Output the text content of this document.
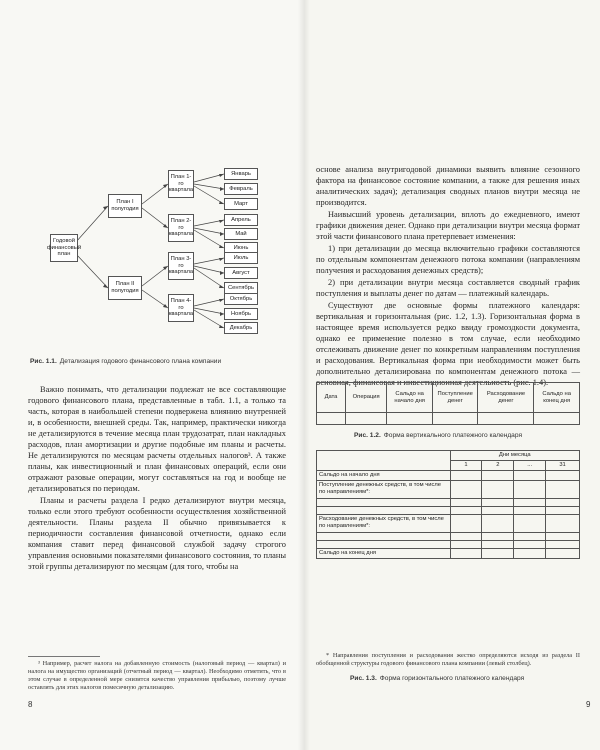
Годовой финансовый план
План I полугодия
План II полугодия
План 1-го квартала
План 2-го квартала
План 3-го квартала
План 4-го квартала
Январь
Февраль
Март
Апрель
Май
Июнь
Июль
Август
Сентябрь
Октябрь
Ноябрь
Декабрь
Рис. 1.1. Детализация годового финансового плана компании

Важно понимать, что детализации подлежат не все составляющие годового финансового плана, представленные в табл. 1.1, а только та часть, которая в наибольшей степени подвержена влиянию внутренней и, в особенности, внешней среды. Так, например, практически никогда не детализируются в течение месяца план трудозатрат, план накладных расходов, план амортизации и другие подобные им планы и расчеты. Не детализируются по месяцам расчеты отдельных налогов³. А также планы, как инвестиционный и план финансовых операций, если они отражают разовые операции, могут составляться на год и вообще не детализироваться по периодам.

Планы и расчеты раздела I редко детализируют внутри месяца, только если этого требуют особенности осуществления хозяйственной деятельности. Планы раздела II обычно привязывается к периодичности составления финансовой отчетности, однако если компания ставит перед финансовой службой задачу строгого управления основными показателями финансового состояния, то планы этой группы детализируют по месяцам (для того, чтобы на

³ Например, расчет налога на добавленную стоимость (налоговый период — квартал) и налога на имущество организаций (отчетный период — квартал). Необходимо отметить, что в этом случае в определенной мере снизится качество управления прибылью, поэтому лучше оставлять для этих налогов помесячную детализацию.

8

основе анализа внутригодовой динамики выявить влияние сезонного фактора на финансовое состояние компании, а также для решения иных аналитических задач); детализация сводных планов внутри месяца не производится.

Наивысший уровень детализации, вплоть до ежедневного, имеют графики движения денег. Однако при детализации внутри месяца формат этой части финансового плана претерпевает изменения:

1) при детализации до месяца включительно графики составляются по отдельным компонентам денежного потока компании (направлениям получения и расходования денежных средств);

2) при детализации внутри месяца составляется сводный график поступления и выплаты денег по датам — платежный календарь.

Существуют две основные формы платежного календаря: вертикальная и горизонтальная (рис. 1.2, 1.3). Горизонтальная форма в настоящее время используется редко ввиду громоздкости документа, однако ее применение полезно в том случае, если необходимо отслеживать движение денег по конкретным направлениям поступления и расходования. Вертикальная форма при необходимости может быть дополнительно детализирована по компонентам денежного потока — основная, финансовая и инвестиционная деятельность (рис. 1.4).

Дата	Операция	Сальдо на начало дня	Поступление денег	Расходование денег	Сальдо на конец дня

Рис. 1.2. Форма вертикального платежного календаря
	Дни месяца			
	1	2	...	31
Сальдо на начало дня				
Поступление денежных средств, в том числе по направлениям*:				

Расходование денежных средств, в том числе по направлениям*:				

Сальдо на конец дня				

* Направления поступления и расходования жестко определяются исходя из раздела II обобщенной структуры годового финансового плана компании (левый столбец).

Рис. 1.3. Форма горизонтального платежного календаря
9
